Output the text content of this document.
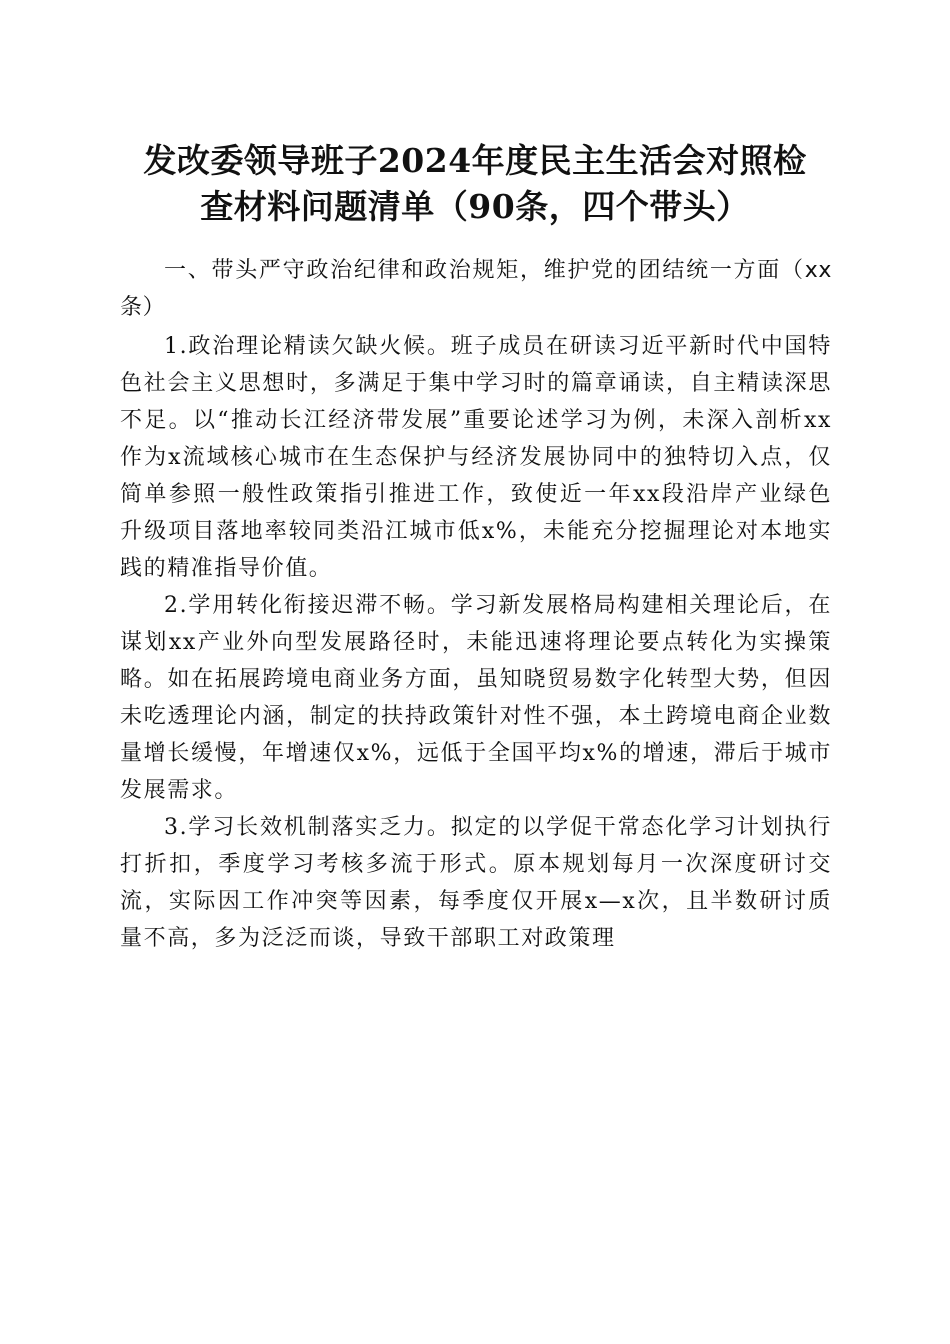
发改委领导班子2024年度民主生活会对照检
查材料问题清单（90条，四个带头）

一、带头严守政治纪律和政治规矩，维护党的团结统一方面（xx条）

1.政治理论精读欠缺火候。班子成员在研读习近平新时代中国特色社会主义思想时，多满足于集中学习时的篇章诵读，自主精读深思不足。以“推动长江经济带发展”重要论述学习为例，未深入剖析xx作为x流域核心城市在生态保护与经济发展协同中的独特切入点，仅简单参照一般性政策指引推进工作，致使近一年xx段沿岸产业绿色升级项目落地率较同类沿江城市低x%，未能充分挖掘理论对本地实践的精准指导价值。

2.学用转化衔接迟滞不畅。学习新发展格局构建相关理论后，在谋划xx产业外向型发展路径时，未能迅速将理论要点转化为实操策略。如在拓展跨境电商业务方面，虽知晓贸易数字化转型大势，但因未吃透理论内涵，制定的扶持政策针对性不强，本土跨境电商企业数量增长缓慢，年增速仅x%，远低于全国平均x%的增速，滞后于城市发展需求。

3.学习长效机制落实乏力。拟定的以学促干常态化学习计划执行打折扣，季度学习考核多流于形式。原本规划每月一次深度研讨交流，实际因工作冲突等因素，每季度仅开展x—x次，且半数研讨质量不高，多为泛泛而谈，导致干部职工对政策理
